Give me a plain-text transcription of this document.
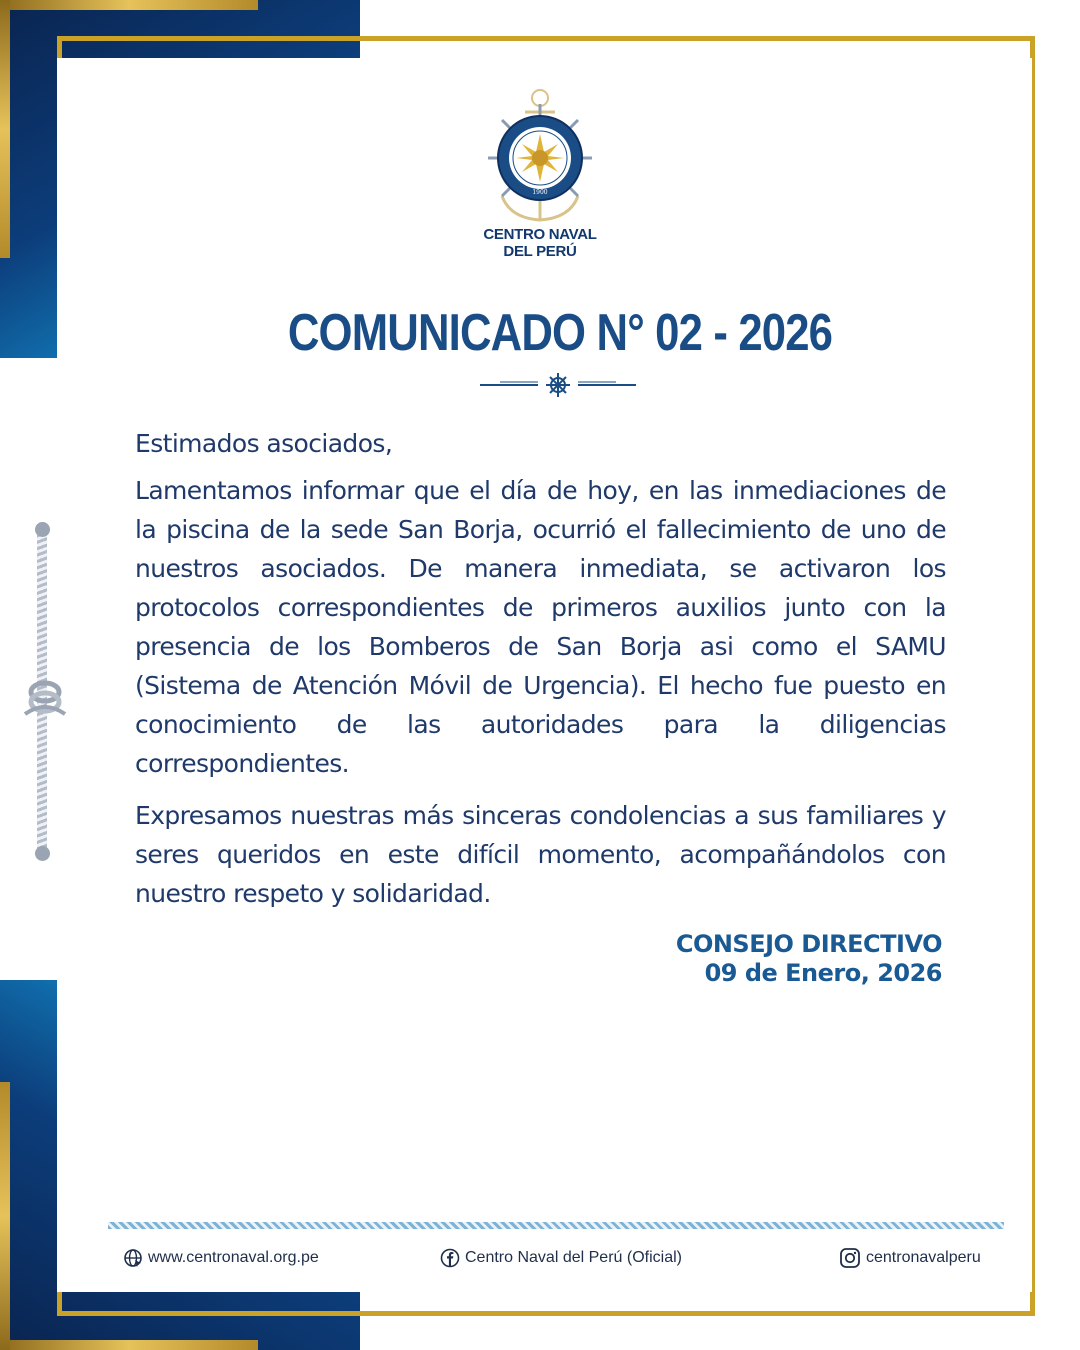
1900
CENTRO NAVAL
DEL PERÚ
COMUNICADO N° 02 - 2026

Estimados asociados,

Lamentamos informar que el día de hoy, en las inmediaciones de la piscina de la sede San Borja, ocurrió el fallecimiento de uno de nuestros asociados. De manera inmediata, se activaron los protocolos correspondientes de primeros auxilios junto con la presencia de los Bomberos de San Borja asi como el SAMU (Sistema de Atención Móvil de Urgencia). El hecho fue puesto en conocimiento de las autoridades para la diligencias correspondientes.

Expresamos nuestras más sinceras condolencias a sus familiares y seres queridos en este difícil momento, acompañándolos con nuestro respeto y solidaridad.

CONSEJO DIRECTIVO
09 de Enero, 2026
www.centronaval.org.pe	Centro Naval del Perú (Oficial)	centronavalperu
